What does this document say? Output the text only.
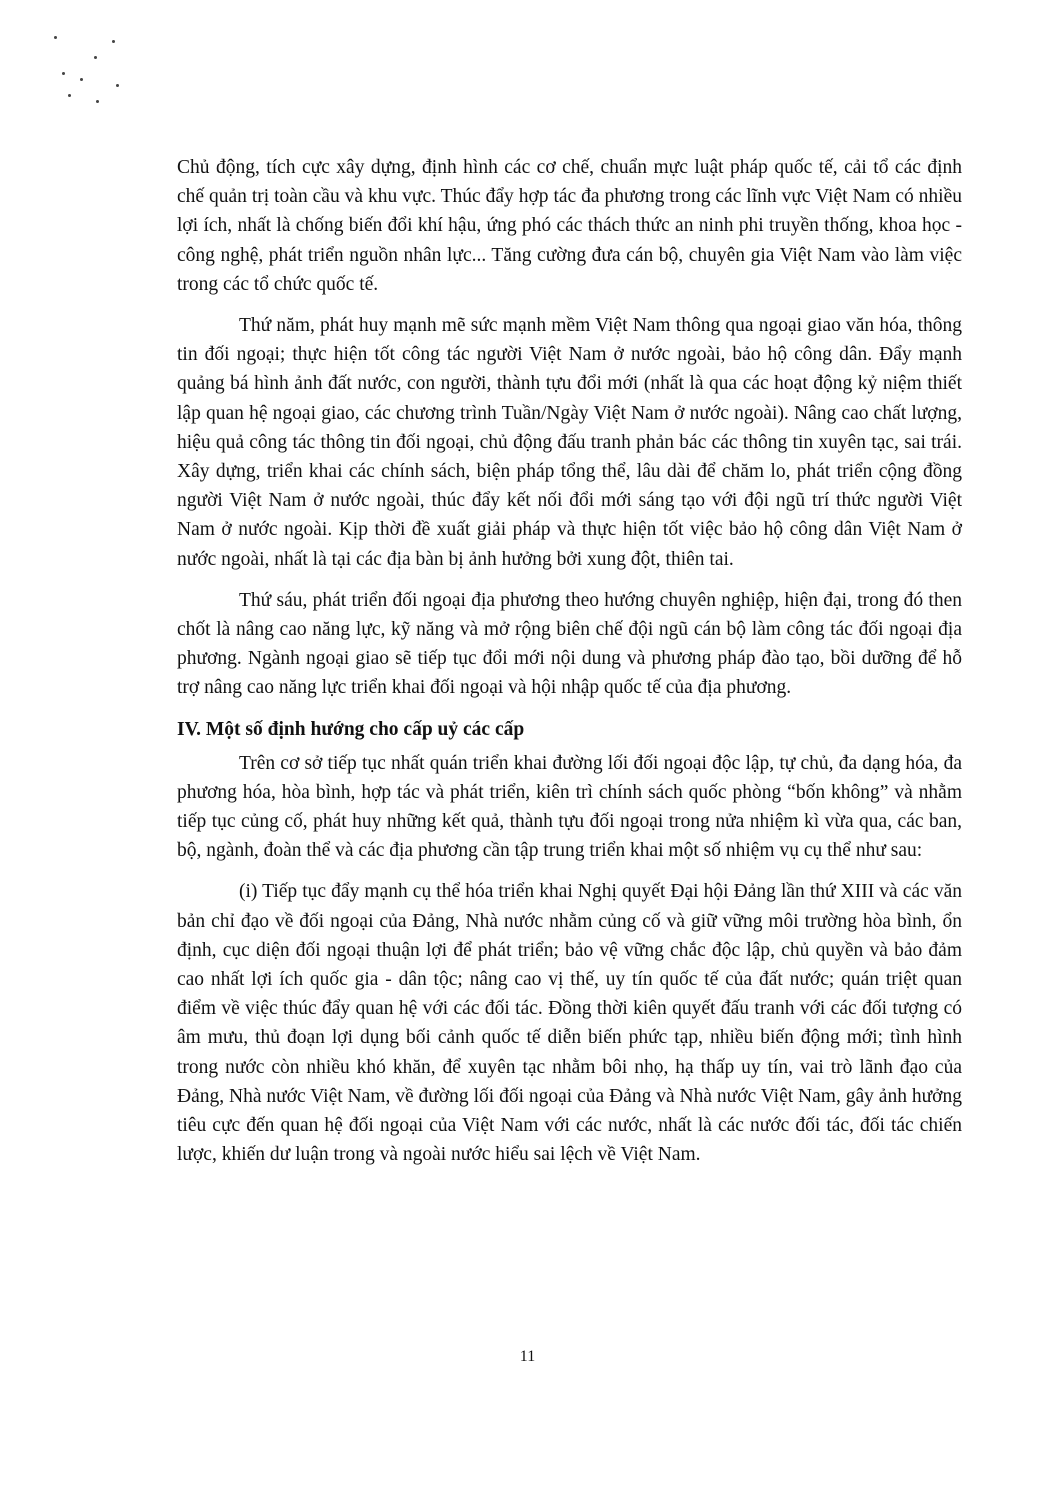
Chủ động, tích cực xây dựng, định hình các cơ chế, chuẩn mực luật pháp quốc tế, cải tổ các định chế quản trị toàn cầu và khu vực. Thúc đẩy hợp tác đa phương trong các lĩnh vực Việt Nam có nhiều lợi ích, nhất là chống biến đổi khí hậu, ứng phó các thách thức an ninh phi truyền thống, khoa học - công nghệ, phát triển nguồn nhân lực... Tăng cường đưa cán bộ, chuyên gia Việt Nam vào làm việc trong các tổ chức quốc tế.

Thứ năm, phát huy mạnh mẽ sức mạnh mềm Việt Nam thông qua ngoại giao văn hóa, thông tin đối ngoại; thực hiện tốt công tác người Việt Nam ở nước ngoài, bảo hộ công dân. Đẩy mạnh quảng bá hình ảnh đất nước, con người, thành tựu đổi mới (nhất là qua các hoạt động kỷ niệm thiết lập quan hệ ngoại giao, các chương trình Tuần/Ngày Việt Nam ở nước ngoài). Nâng cao chất lượng, hiệu quả công tác thông tin đối ngoại, chủ động đấu tranh phản bác các thông tin xuyên tạc, sai trái. Xây dựng, triển khai các chính sách, biện pháp tổng thể, lâu dài để chăm lo, phát triển cộng đồng người Việt Nam ở nước ngoài, thúc đẩy kết nối đổi mới sáng tạo với đội ngũ trí thức người Việt Nam ở nước ngoài. Kịp thời đề xuất giải pháp và thực hiện tốt việc bảo hộ công dân Việt Nam ở nước ngoài, nhất là tại các địa bàn bị ảnh hưởng bởi xung đột, thiên tai.

Thứ sáu, phát triển đối ngoại địa phương theo hướng chuyên nghiệp, hiện đại, trong đó then chốt là nâng cao năng lực, kỹ năng và mở rộng biên chế đội ngũ cán bộ làm công tác đối ngoại địa phương. Ngành ngoại giao sẽ tiếp tục đổi mới nội dung và phương pháp đào tạo, bồi dưỡng để hỗ trợ nâng cao năng lực triển khai đối ngoại và hội nhập quốc tế của địa phương.

IV. Một số định hướng cho cấp uỷ các cấp

Trên cơ sở tiếp tục nhất quán triển khai đường lối đối ngoại độc lập, tự chủ, đa dạng hóa, đa phương hóa, hòa bình, hợp tác và phát triển, kiên trì chính sách quốc phòng “bốn không” và nhằm tiếp tục củng cố, phát huy những kết quả, thành tựu đối ngoại trong nửa nhiệm kì vừa qua, các ban, bộ, ngành, đoàn thể và các địa phương cần tập trung triển khai một số nhiệm vụ cụ thể như sau:

(i) Tiếp tục đẩy mạnh cụ thể hóa triển khai Nghị quyết Đại hội Đảng lần thứ XIII và các văn bản chỉ đạo về đối ngoại của Đảng, Nhà nước nhằm củng cố và giữ vững môi trường hòa bình, ổn định, cục diện đối ngoại thuận lợi để phát triển; bảo vệ vững chắc độc lập, chủ quyền và bảo đảm cao nhất lợi ích quốc gia - dân tộc; nâng cao vị thế, uy tín quốc tế của đất nước; quán triệt quan điểm về việc thúc đẩy quan hệ với các đối tác. Đồng thời kiên quyết đấu tranh với các đối tượng có âm mưu, thủ đoạn lợi dụng bối cảnh quốc tế diễn biến phức tạp, nhiều biến động mới; tình hình trong nước còn nhiều khó khăn, để xuyên tạc nhằm bôi nhọ, hạ thấp uy tín, vai trò lãnh đạo của Đảng, Nhà nước Việt Nam, về đường lối đối ngoại của Đảng và Nhà nước Việt Nam, gây ảnh hưởng tiêu cực đến quan hệ đối ngoại của Việt Nam với các nước, nhất là các nước đối tác, đối tác chiến lược, khiến dư luận trong và ngoài nước hiểu sai lệch về Việt Nam.

11
